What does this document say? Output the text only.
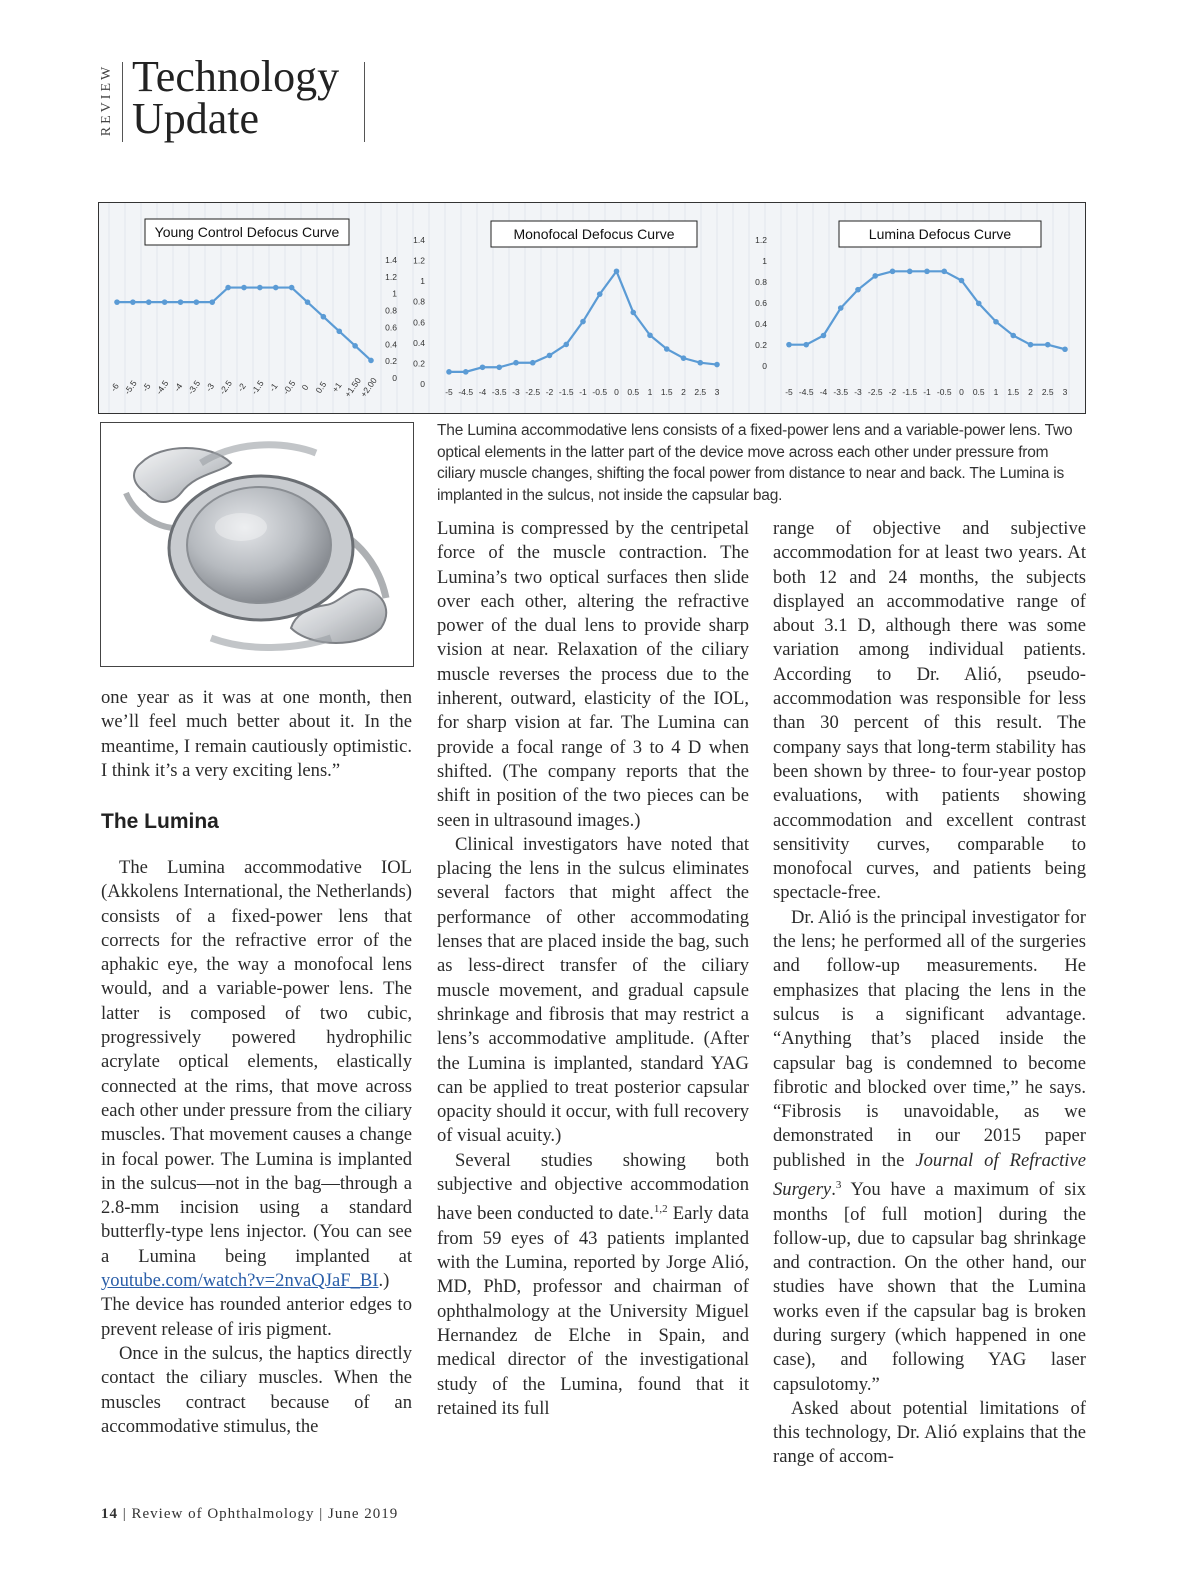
REVIEW Technology
Update
Young Control Defocus Curve
1.4
1.2
1
0.8
0.6
0.4
0.2
0
-6 -5.5 -5 -4.5 -4 -3.5 -3 -2.5 -2 -1.5 -1 -0.5 0 0.5 +1
+1.50
+2.00
Monofocal Defocus Curve
1.4
1.2
1
0.8
0.6
0.4
0.2
0
-5 -4.5 -4 -3.5 -3 -2.5 -2 -1.5 -1 -0.5 0 0.5 1 1.5 2 2.5 3
Lumina Defocus Curve
1.2
1
0.8
0.6
0.4
0.2
0
-5 -4.5 -4 -3.5 -3 -2.5 -2 -1.5 -1 -0.5 0 0.5 1 1.5 2 2.5 3
The Lumina accommodative lens consists of a fixed-power lens and a variable-power lens. Two optical elements in the latter part of the device move across each other under pressure from ciliary muscle changes, shifting the focal power from distance to near and back. The Lumina is implanted in the sulcus, not inside the capsular bag.

one year as it was at one month, then we’ll feel much better about it. In the meantime, I remain cautiously optimistic. I think it’s a very exciting lens.”

The Lumina

The Lumina accommodative IOL (Akkolens International, the Netherlands) consists of a fixed-power lens that corrects for the refractive error of the aphakic eye, the way a monofocal lens would, and a variable-power lens. The latter is composed of two cubic, progressively powered hydrophilic acrylate optical elements, elastically connected at the rims, that move across each other under pressure from the ciliary muscles. That movement causes a change in focal power. The Lumina is implanted in the sulcus—not in the bag—through a 2.8-mm incision using a standard butterfly-type lens injector. (You can see a Lumina being implanted at youtube.com/watch?v=2nvaQJaF_BI.) The device has rounded anterior edges to prevent release of iris pigment.

Once in the sulcus, the haptics directly contact the ciliary muscles. When the muscles contract because of an accommodative stimulus, the

Lumina is compressed by the centripetal force of the muscle contraction. The Lumina’s two optical surfaces then slide over each other, altering the refractive power of the dual lens to provide sharp vision at near. Relaxation of the ciliary muscle reverses the process due to the inherent, outward, elasticity of the IOL, for sharp vision at far. The Lumina can provide a focal range of 3 to 4 D when shifted. (The company reports that the shift in position of the two pieces can be seen in ultrasound images.)

Clinical investigators have noted that placing the lens in the sulcus eliminates several factors that might affect the performance of other accommodating lenses that are placed inside the bag, such as less-direct transfer of the ciliary muscle movement, and gradual capsule shrinkage and fibrosis that may restrict a lens’s accommodative amplitude. (After the Lumina is implanted, standard YAG can be applied to treat posterior capsular opacity should it occur, with full recovery of visual acuity.)

Several studies showing both subjective and objective accommodation have been conducted to date.$^{1,2}$ Early data from 59 eyes of 43 patients implanted with the Lumina, reported by Jorge Alió, MD, PhD, professor and chairman of ophthalmology at the University Miguel Hernandez de Elche in Spain, and medical director of the investigational study of the Lumina, found that it retained its full

range of objective and subjective accommodation for at least two years. At both 12 and 24 months, the subjects displayed an accommodative range of about 3.1 D, although there was some variation among individual patients. According to Dr. Alió, pseudo-accommodation was responsible for less than 30 percent of this result. The company says that long-term stability has been shown by three- to four-year postop evaluations, with patients showing accommodation and excellent contrast sensitivity curves, comparable to monofocal curves, and patients being spectacle-free.

Dr. Alió is the principal investigator for the lens; he performed all of the surgeries and follow-up measurements. He emphasizes that placing the lens in the sulcus is a significant advantage. “Anything that’s placed inside the capsular bag is condemned to become fibrotic and blocked over time,” he says. “Fibrosis is unavoidable, as we demonstrated in our 2015 paper published in the Journal of Refractive Surgery.$^3$ You have a maximum of six months [of full motion] during the follow-up, due to capsular bag shrinkage and contraction. On the other hand, our studies have shown that the Lumina works even if the capsular bag is broken during surgery (which happened in one case), and following YAG laser capsulotomy.”

Asked about potential limitations of this technology, Dr. Alió explains that the range of accom-

14 | Review of Ophthalmology | June 2019
